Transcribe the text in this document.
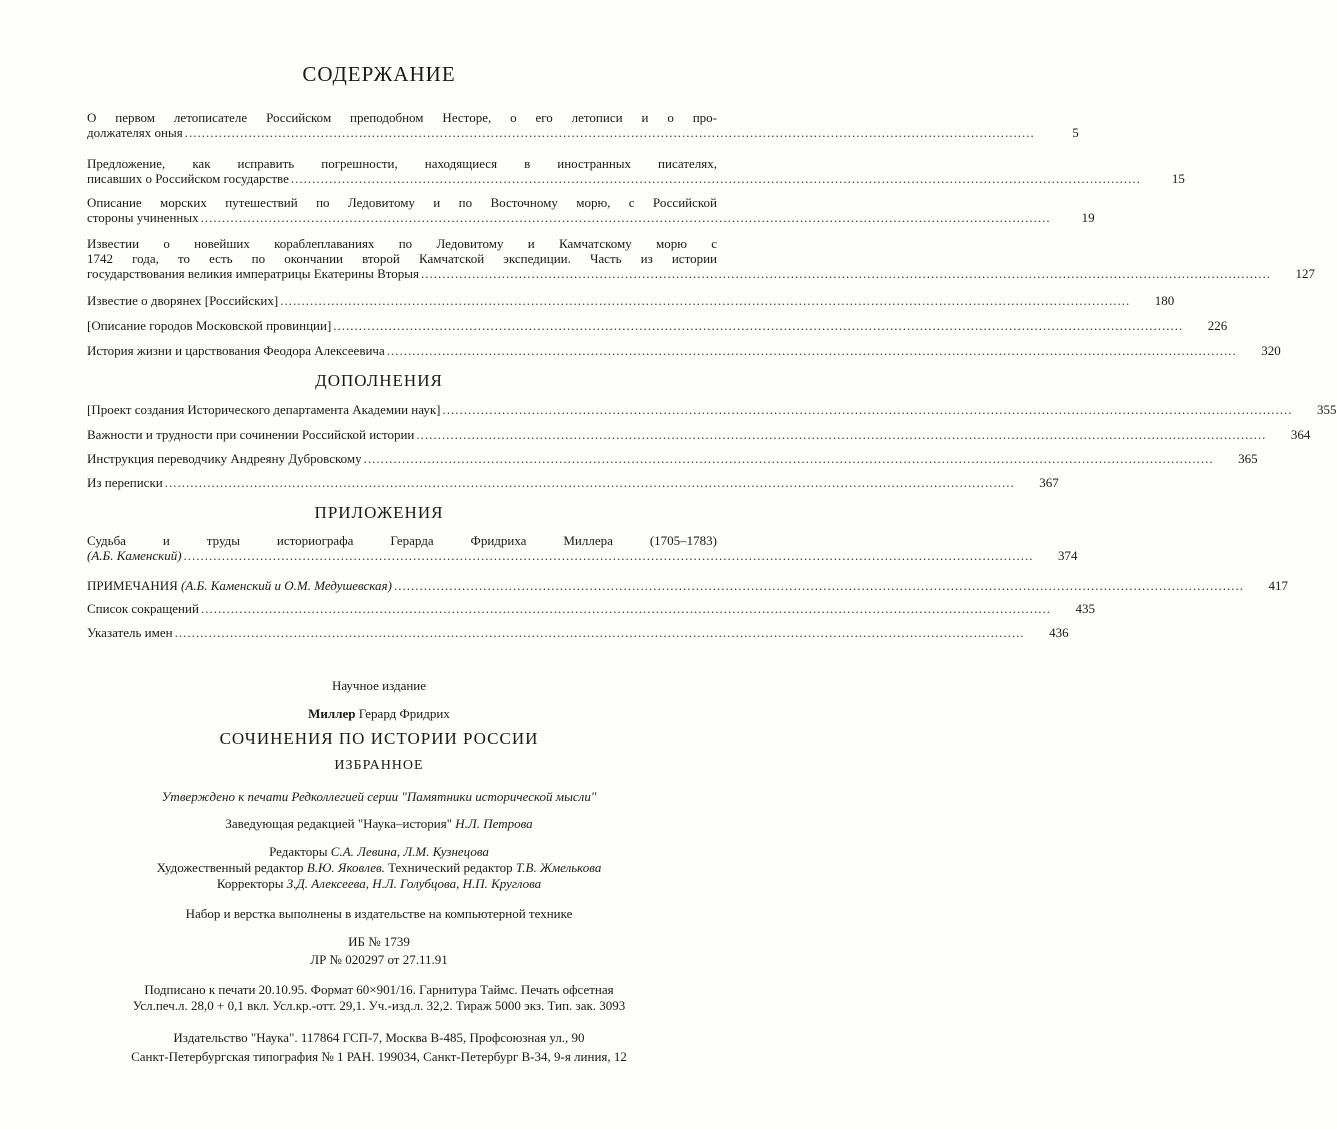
СОДЕРЖАНИЕ
О первом летописателе Российском преподобном Несторе, о его летописи и о про-
должателях оныя ........................................................................................................................................................................................................	5
Предложение, как исправить погрешности, находящиеся в иностранных писателях,
писавших о Российском государстве ........................................................................................................................................................................................................	15
Описание морских путешествий по Ледовитому и по Восточному морю, с Российской
стороны учиненных ........................................................................................................................................................................................................	19
Известии о новейших кораблеплаваниях по Ледовитому и Камчатскому морю с
1742 года, то есть по окончании второй Камчатской экспедиции. Часть из истории
государствования великия императрицы Екатерины Вторыя ........................................................................................................................................................................................................	127
Известие о дворянех [Российских] ........................................................................................................................................................................................................	180
[Описание городов Московской провинции] ........................................................................................................................................................................................................	226
История жизни и царствования Феодора Алексеевича ........................................................................................................................................................................................................	320
ДОПОЛНЕНИЯ
[Проект создания Исторического департамента Академии наук] ........................................................................................................................................................................................................	355
Важности и трудности при сочинении Российской истории ........................................................................................................................................................................................................	364
Инструкция переводчику Андреяну Дубровскому ........................................................................................................................................................................................................	365
Из переписки ........................................................................................................................................................................................................	367
ПРИЛОЖЕНИЯ
Судьба и труды историографа Герарда Фридриха Миллера (1705–1783)
(А.Б. Каменский) ........................................................................................................................................................................................................	374
ПРИМЕЧАНИЯ (А.Б. Каменский и О.М. Медушевская) ........................................................................................................................................................................................................	417
Список сокращений ........................................................................................................................................................................................................	435
Указатель имен ........................................................................................................................................................................................................	436
Научное издание
Миллер Герард Фридрих
СОЧИНЕНИЯ ПО ИСТОРИИ РОССИИ
ИЗБРАННОЕ
Утверждено к печати Редколлегией серии "Памятники исторической мысли"
Заведующая редакцией "Наука–история" Н.Л. Петрова
Редакторы С.А. Левина, Л.М. Кузнецова
Художественный редактор В.Ю. Яковлев. Технический редактор Т.В. Жмелькова
Корректоры З.Д. Алексеева, Н.Л. Голубцова, Н.П. Круглова
Набор и верстка выполнены в издательстве на компьютерной технике
ИБ № 1739
ЛР № 020297 от 27.11.91
Подписано к печати 20.10.95. Формат 60×901/16. Гарнитура Таймс. Печать офсетная
Усл.печ.л. 28,0 + 0,1 вкл. Усл.кр.-отт. 29,1. Уч.-изд.л. 32,2. Тираж 5000 экз. Тип. зак. 3093
Издательство "Наука". 117864 ГСП-7, Москва В-485, Профсоюзная ул., 90
Санкт-Петербургская типография № 1 РАН. 199034, Санкт-Петербург В-34, 9-я линия, 12
